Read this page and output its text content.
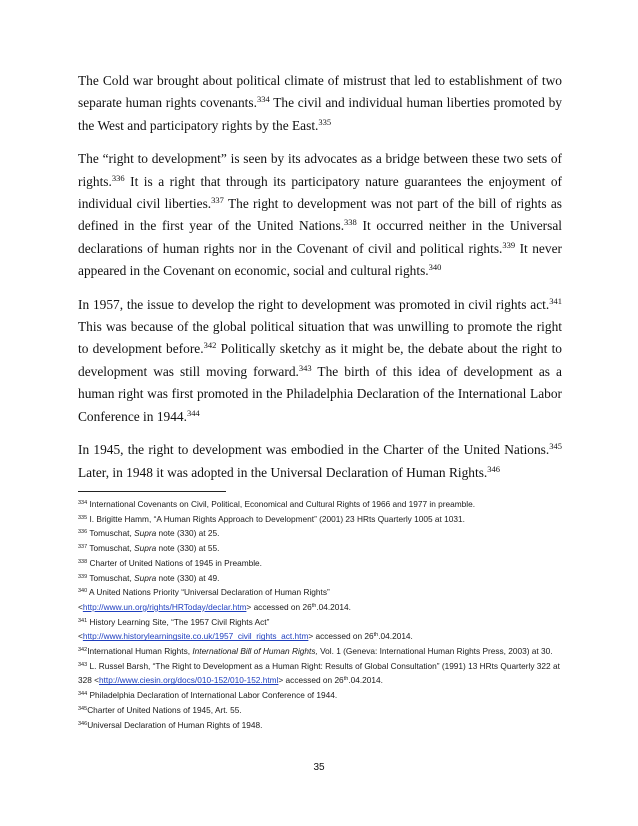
The Cold war brought about political climate of mistrust that led to establishment of two separate human rights covenants.$^{334}$ The civil and individual human liberties promoted by the West and participatory rights by the East.$^{335}$

The “right to development” is seen by its advocates as a bridge between these two sets of rights.$^{336}$ It is a right that through its participatory nature guarantees the enjoyment of individual civil liberties.$^{337}$ The right to development was not part of the bill of rights as defined in the first year of the United Nations.$^{338}$ It occurred neither in the Universal declarations of human rights nor in the Covenant of civil and political rights.$^{339}$ It never appeared in the Covenant on economic, social and cultural rights.$^{340}$

In 1957, the issue to develop the right to development was promoted in civil rights act.$^{341}$ This was because of the global political situation that was unwilling to promote the right to development before.$^{342}$ Politically sketchy as it might be, the debate about the right to development was still moving forward.$^{343}$ The birth of this idea of development as a human right was first promoted in the Philadelphia Declaration of the International Labor Conference in 1944.$^{344}$

In 1945, the right to development was embodied in the Charter of the United Nations.$^{345}$ Later, in 1948 it was adopted in the Universal Declaration of Human Rights.$^{346}$

$^{334}$ International Covenants on Civil, Political, Economical and Cultural Rights of 1966 and 1977 in preamble.
$^{335}$ I. Brigitte Hamm, “A Human Rights Approach to Development” (2001) 23 HRts Quarterly 1005 at 1031.
$^{336}$ Tomuschat, Supra note (330) at 25.
$^{337}$ Tomuschat, Supra note (330) at 55.
$^{338}$ Charter of United Nations of 1945 in Preamble.
$^{339}$ Tomuschat, Supra note (330) at 49.
$^{340}$ A United Nations Priority “Universal Declaration of Human Rights”
<http://www.un.org/rights/HRToday/declar.htm> accessed on 26th.04.2014.
$^{341}$ History Learning Site, “The 1957 Civil Rights Act”
<http://www.historylearningsite.co.uk/1957_civil_rights_act.htm> accessed on 26th.04.2014.
$^{342}$International Human Rights, International Bill of Human Rights, Vol. 1 (Geneva: International Human Rights Press, 2003) at 30.
$^{343}$ L. Russel Barsh, “The Right to Development as a Human Right: Results of Global Consultation” (1991) 13 HRts Quarterly 322 at 328 <http://www.ciesin.org/docs/010-152/010-152.html> accessed on 26th.04.2014.
$^{344}$ Philadelphia Declaration of International Labor Conference of 1944.
$^{345}$Charter of United Nations of 1945, Art. 55.
$^{346}$Universal Declaration of Human Rights of 1948.
35
